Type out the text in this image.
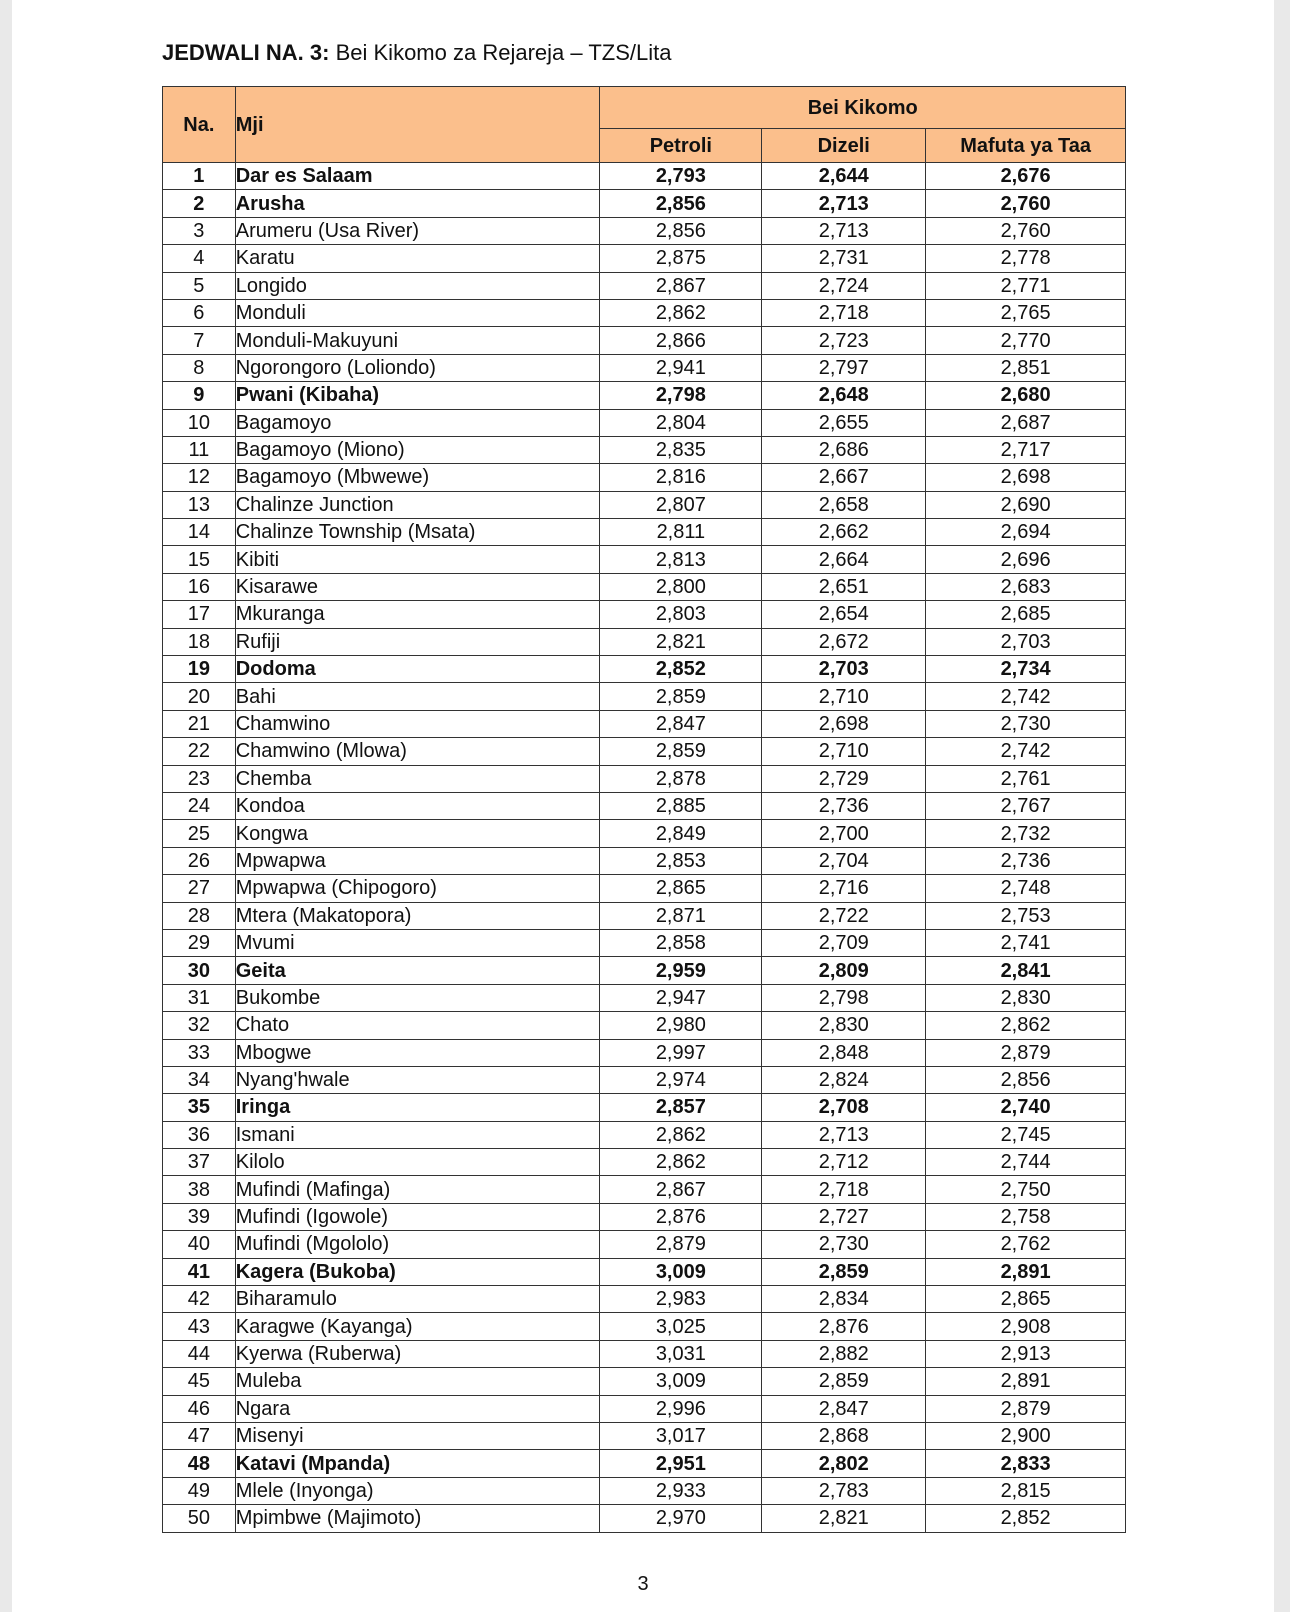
JEDWALI NA. 3: Bei Kikomo za Rejareja – TZS/Lita
Na.	Mji	Bei Kikomo		
		Petroli	Dizeli	Mafuta ya Taa
1	Dar es Salaam	2,793	2,644	2,676
2	Arusha	2,856	2,713	2,760
3	Arumeru (Usa River)	2,856	2,713	2,760
4	Karatu	2,875	2,731	2,778
5	Longido	2,867	2,724	2,771
6	Monduli	2,862	2,718	2,765
7	Monduli-Makuyuni	2,866	2,723	2,770
8	Ngorongoro (Loliondo)	2,941	2,797	2,851
9	Pwani (Kibaha)	2,798	2,648	2,680
10	Bagamoyo	2,804	2,655	2,687
11	Bagamoyo (Miono)	2,835	2,686	2,717
12	Bagamoyo (Mbwewe)	2,816	2,667	2,698
13	Chalinze Junction	2,807	2,658	2,690
14	Chalinze Township (Msata)	2,811	2,662	2,694
15	Kibiti	2,813	2,664	2,696
16	Kisarawe	2,800	2,651	2,683
17	Mkuranga	2,803	2,654	2,685
18	Rufiji	2,821	2,672	2,703
19	Dodoma	2,852	2,703	2,734
20	Bahi	2,859	2,710	2,742
21	Chamwino	2,847	2,698	2,730
22	Chamwino (Mlowa)	2,859	2,710	2,742
23	Chemba	2,878	2,729	2,761
24	Kondoa	2,885	2,736	2,767
25	Kongwa	2,849	2,700	2,732
26	Mpwapwa	2,853	2,704	2,736
27	Mpwapwa (Chipogoro)	2,865	2,716	2,748
28	Mtera (Makatopora)	2,871	2,722	2,753
29	Mvumi	2,858	2,709	2,741
30	Geita	2,959	2,809	2,841
31	Bukombe	2,947	2,798	2,830
32	Chato	2,980	2,830	2,862
33	Mbogwe	2,997	2,848	2,879
34	Nyang'hwale	2,974	2,824	2,856
35	Iringa	2,857	2,708	2,740
36	Ismani	2,862	2,713	2,745
37	Kilolo	2,862	2,712	2,744
38	Mufindi (Mafinga)	2,867	2,718	2,750
39	Mufindi (Igowole)	2,876	2,727	2,758
40	Mufindi (Mgololo)	2,879	2,730	2,762
41	Kagera (Bukoba)	3,009	2,859	2,891
42	Biharamulo	2,983	2,834	2,865
43	Karagwe (Kayanga)	3,025	2,876	2,908
44	Kyerwa (Ruberwa)	3,031	2,882	2,913
45	Muleba	3,009	2,859	2,891
46	Ngara	2,996	2,847	2,879
47	Misenyi	3,017	2,868	2,900
48	Katavi (Mpanda)	2,951	2,802	2,833
49	Mlele (Inyonga)	2,933	2,783	2,815
50	Mpimbwe (Majimoto)	2,970	2,821	2,852
3
